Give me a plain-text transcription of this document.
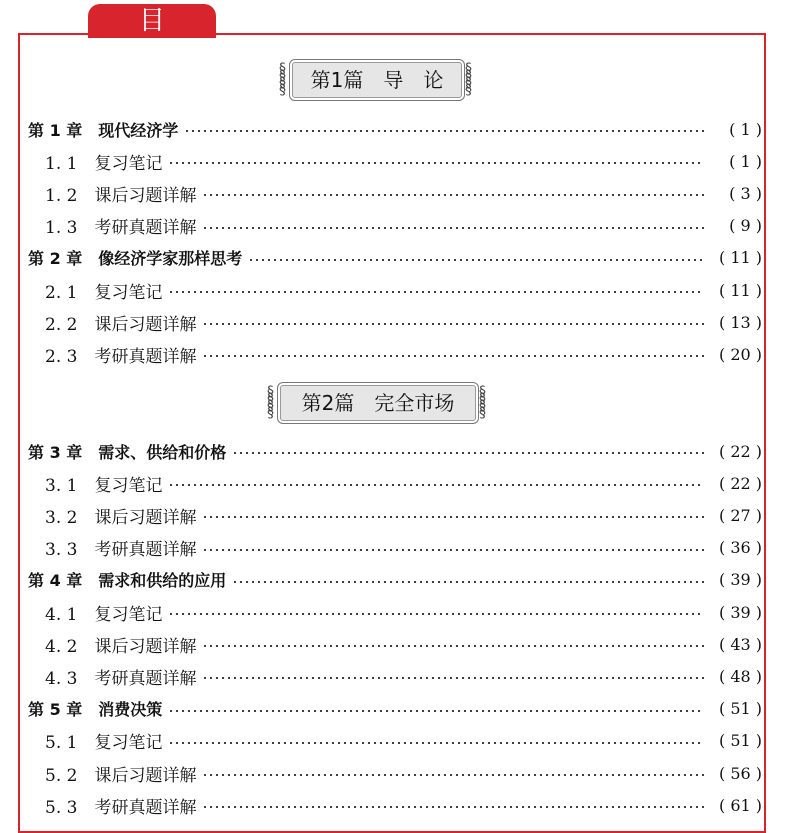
目 录
§ § § §
第1篇　导　论
§ § § §
§ § § §
第2篇　完全市场
§ § § §
第 1 章　现代经济学	( 1 )
1. 1　复习笔记	( 1 )
1. 2　课后习题详解	( 3 )
1. 3　考研真题详解	( 9 )
第 2 章　像经济学家那样思考	( 11 )
2. 1　复习笔记	( 11 )
2. 2　课后习题详解	( 13 )
2. 3　考研真题详解	( 20 )
第 3 章　需求、供给和价格	( 22 )
3. 1　复习笔记	( 22 )
3. 2　课后习题详解	( 27 )
3. 3　考研真题详解	( 36 )
第 4 章　需求和供给的应用	( 39 )
4. 1　复习笔记	( 39 )
4. 2　课后习题详解	( 43 )
4. 3　考研真题详解	( 48 )
第 5 章　消费决策	( 51 )
5. 1　复习笔记	( 51 )
5. 2　课后习题详解	( 56 )
5. 3　考研真题详解	( 61 )
